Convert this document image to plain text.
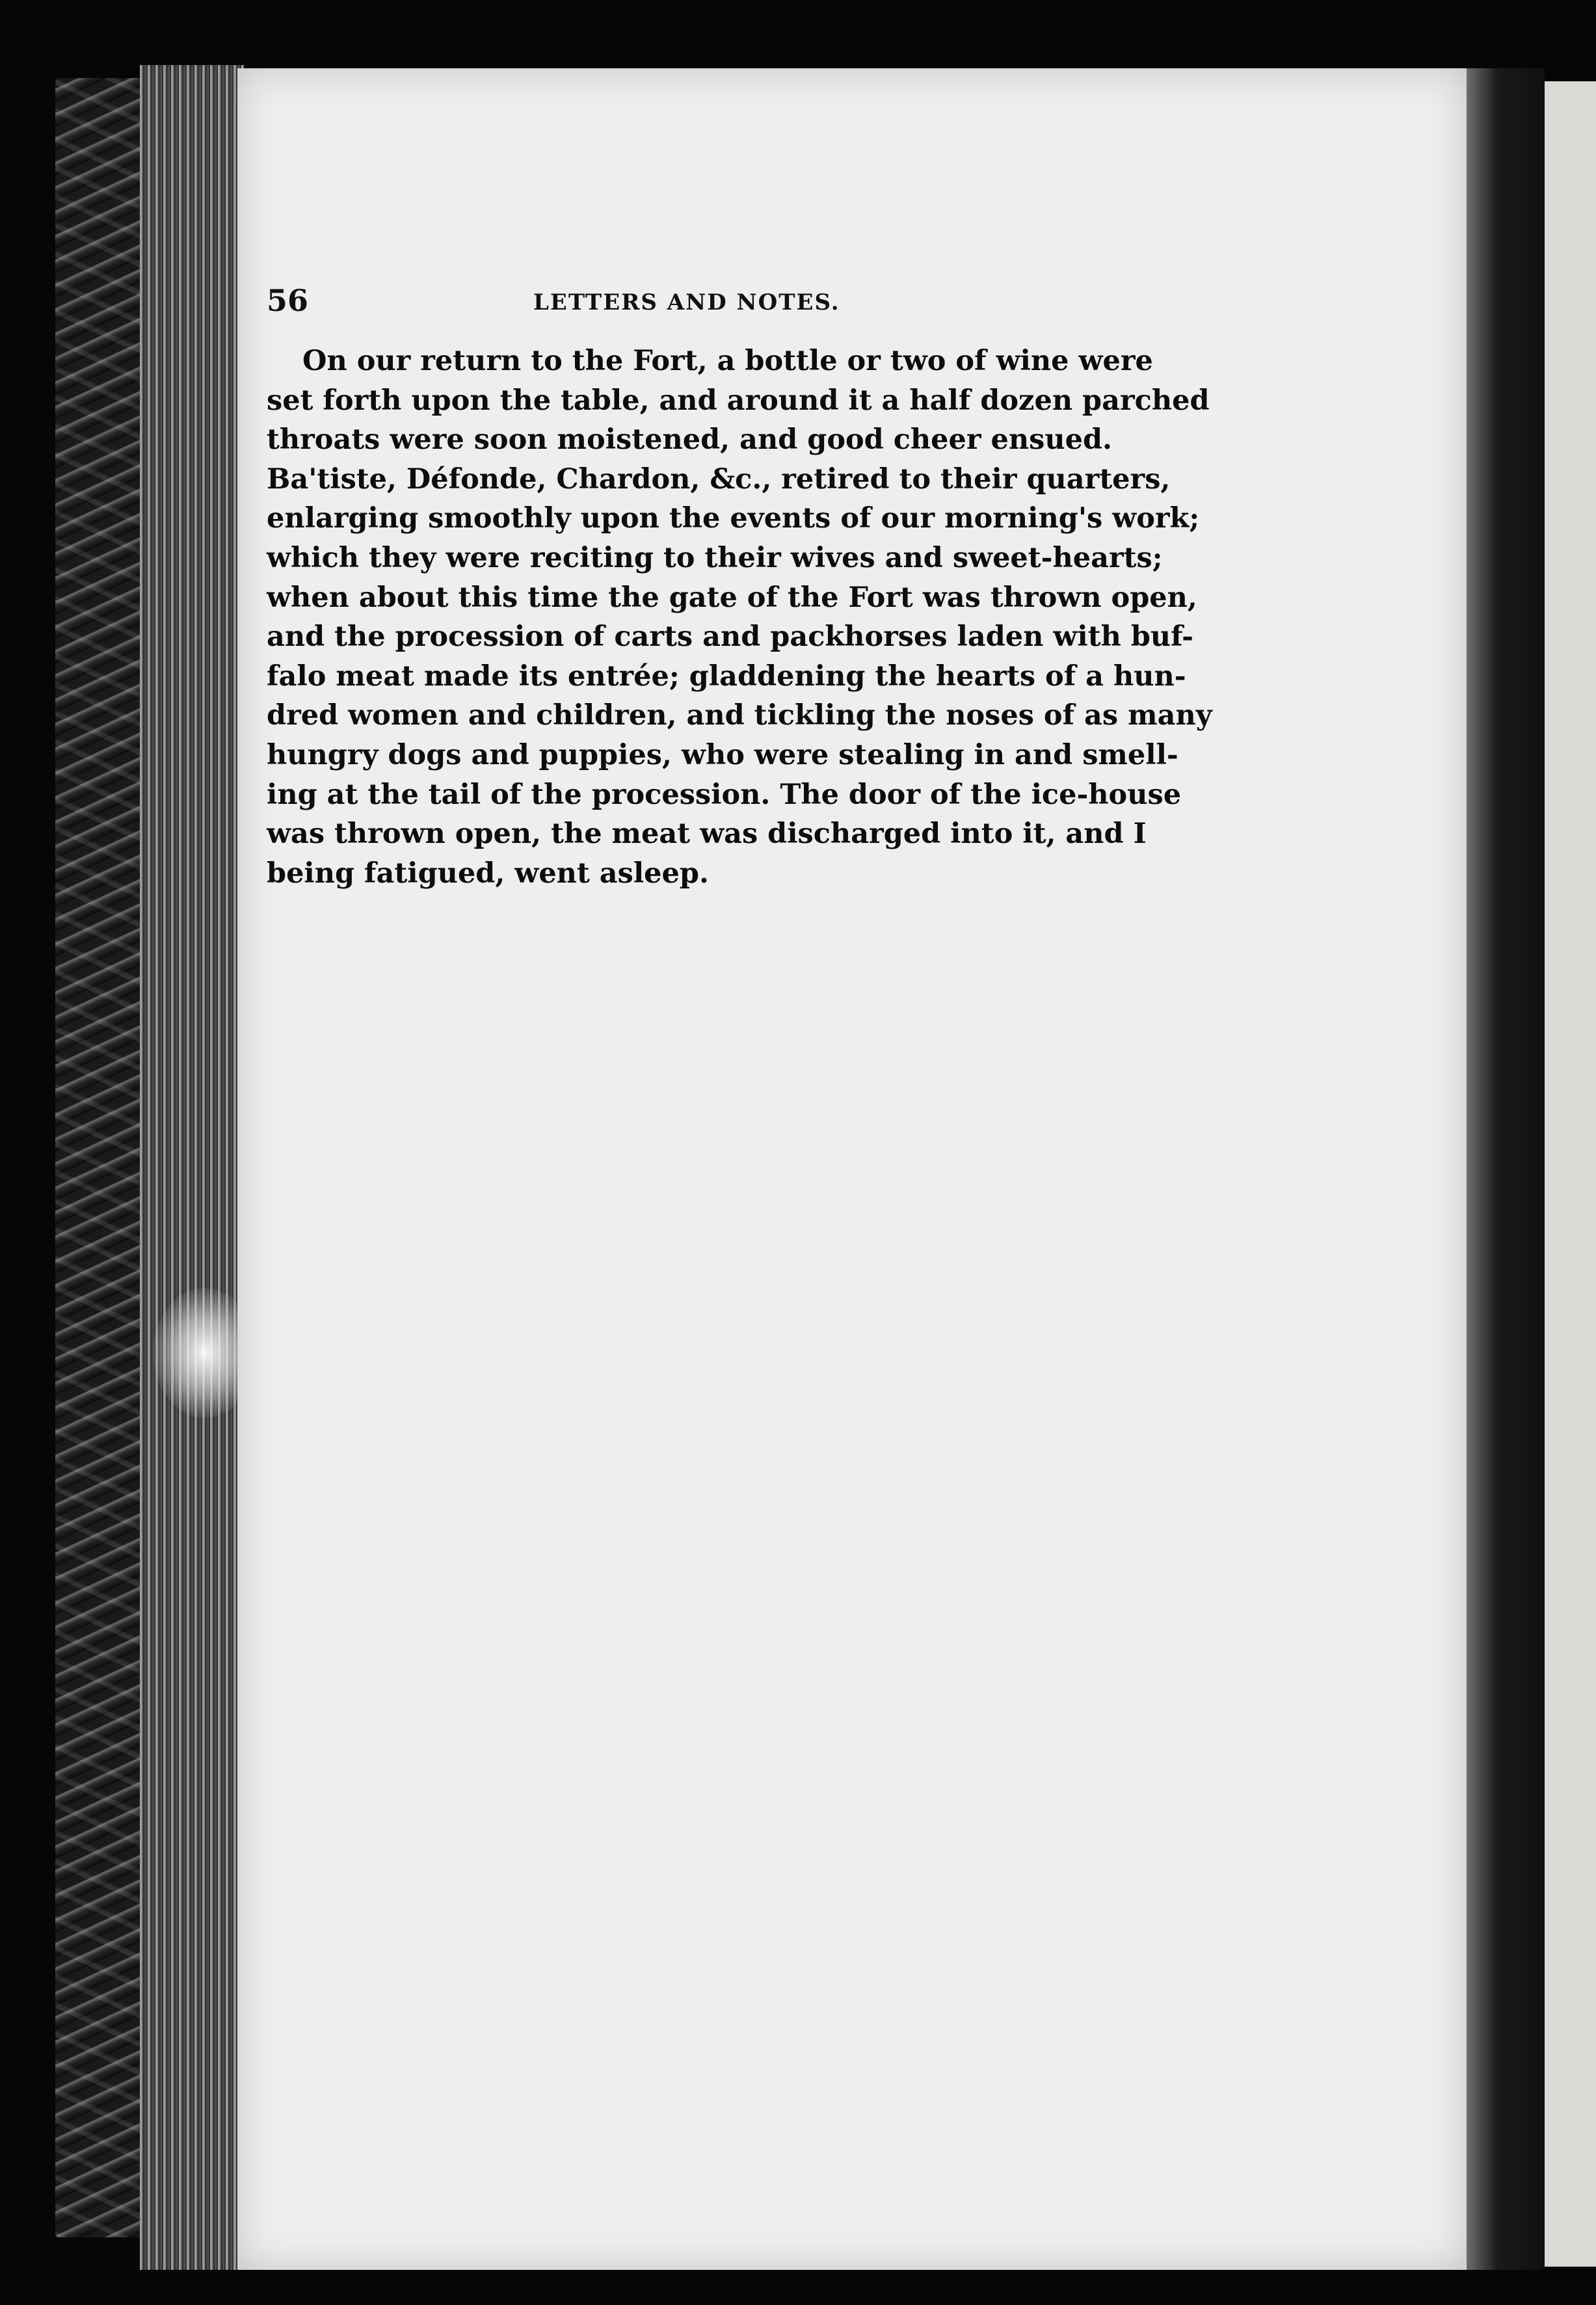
56	LETTERS AND NOTES.
On our return to the Fort, a bottle or two of wine were
set forth upon the table, and around it a half dozen parched
throats were soon moistened, and good cheer ensued.
Ba'tiste, Défonde, Chardon, &c., retired to their quarters,
enlarging smoothly upon the events of our morning's work;
which they were reciting to their wives and sweet-hearts;
when about this time the gate of the Fort was thrown open,
and the procession of carts and packhorses laden with buf-
falo meat made its entrée; gladdening the hearts of a hun-
dred women and children, and tickling the noses of as many
hungry dogs and puppies, who were stealing in and smell-
ing at the tail of the procession. The door of the ice-house
was thrown open, the meat was discharged into it, and I
being fatigued, went asleep.
